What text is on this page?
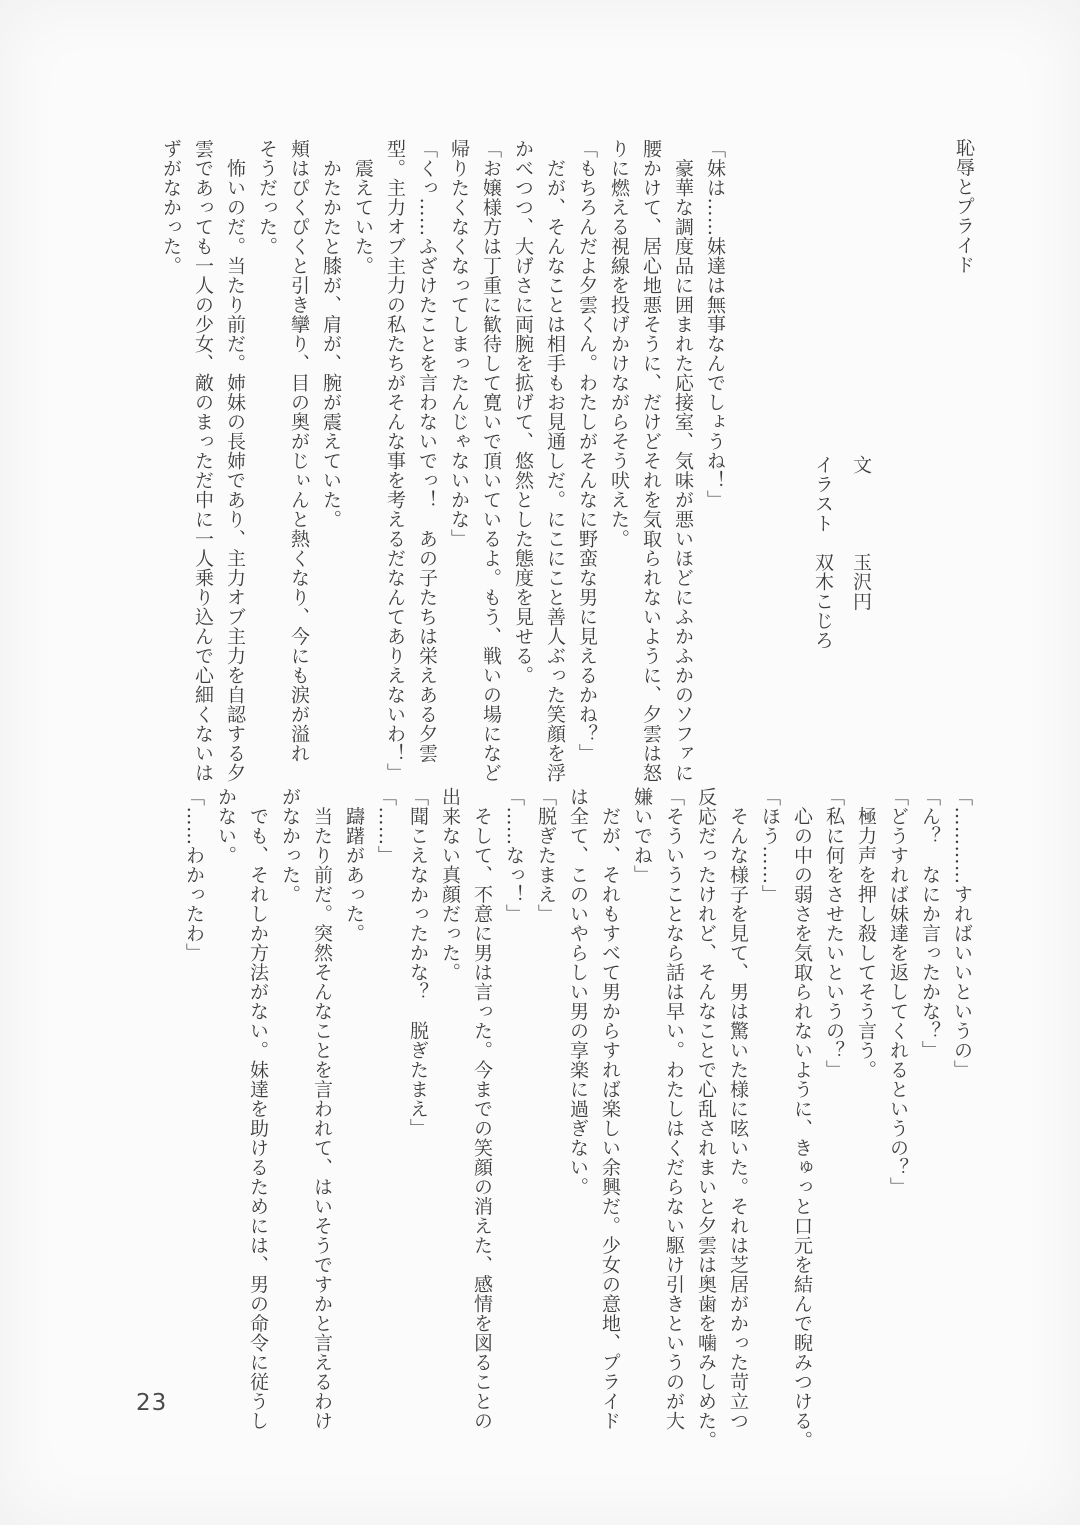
恥辱とプライド
文　　　　玉沢円
イラスト　双木こじろ
「妹は……妹達は無事なんでしょうね！」
　豪華な調度品に囲まれた応接室、気味が悪いほどにふかふかのソファに
腰かけて、居心地悪そうに、だけどそれを気取られないように、夕雲は怒
りに燃える視線を投げかけながらそう吠えた。
「もちろんだよ夕雲くん。わたしがそんなに野蛮な男に見えるかね？」
　だが、そんなことは相手もお見通しだ。にこにこと善人ぶった笑顔を浮
かべつつ、大げさに両腕を拡げて、悠然とした態度を見せる。
「お嬢様方は丁重に歓待して寛いで頂いているよ。もう、戦いの場になど
帰りたくなくなってしまったんじゃないかな」
「くっ……ふざけたことを言わないでっ！　あの子たちは栄えある夕雲
型。主力オブ主力の私たちがそんな事を考えるだなんてありえないわ！」
　震えていた。
　かたかたと膝が、肩が、腕が震えていた。
頬はぴくぴくと引き攣り、目の奥がじぃんと熱くなり、今にも涙が溢れ
そうだった。
　怖いのだ。当たり前だ。姉妹の長姉であり、主力オブ主力を自認する夕
雲であっても一人の少女、敵のまっただ中に一人乗り込んで心細くないは
ずがなかった。
「…………すればいいというの」
「ん？　なにか言ったかな？」
「どうすれば妹達を返してくれるというの？」
　極力声を押し殺してそう言う。
「私に何をさせたいというの？」
　心の中の弱さを気取られないように、きゅっと口元を結んで睨みつける。
「ほう……」
　そんな様子を見て、男は驚いた様に呟いた。それは芝居がかった苛立つ
反応だったけれど、そんなことで心乱されまいと夕雲は奥歯を噛みしめた。
「そういうことなら話は早い。わたしはくだらない駆け引きというのが大
嫌いでね」
　だが、それもすべて男からすれば楽しい余興だ。少女の意地、プライド
は全て、このいやらしい男の享楽に過ぎない。
「脱ぎたまえ」
「……なっ！」
　そして、不意に男は言った。今までの笑顔の消えた、感情を図ることの
出来ない真顔だった。
「聞こえなかったかな？　脱ぎたまえ」
「……」
　躊躇があった。
　当たり前だ。突然そんなことを言われて、はいそうですかと言えるわけ
がなかった。
　でも、それしか方法がない。妹達を助けるためには、男の命令に従うし
かない。
「……わかったわ」
23
